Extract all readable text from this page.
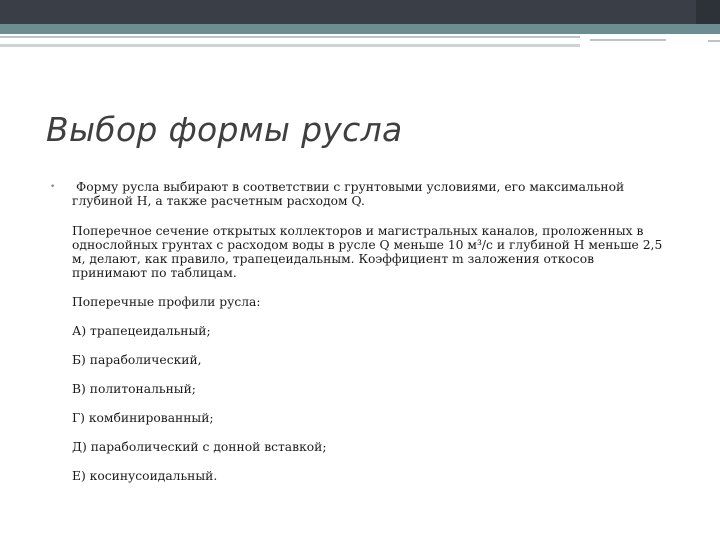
Выбор формы русла
•	Форму русла выбирают в соответствии с грунтовыми условиями, его максимальной глубиной H, а также расчетным расходом Q.

Поперечное сечение открытых коллекторов и магистральных каналов, проложенных в однослойных грунтах с расходом воды в русле Q меньше 10 м³/с и глубиной H меньше 2,5 м, делают, как правило, трапецеидальным. Коэффициент m заложения откосов принимают по таблицам.

Поперечные профили русла:

А) трапецеидальный;

Б) параболический,

В) политональный;

Г) комбинированный;

Д) параболический с донной вставкой;

Е) косинусоидальный.
